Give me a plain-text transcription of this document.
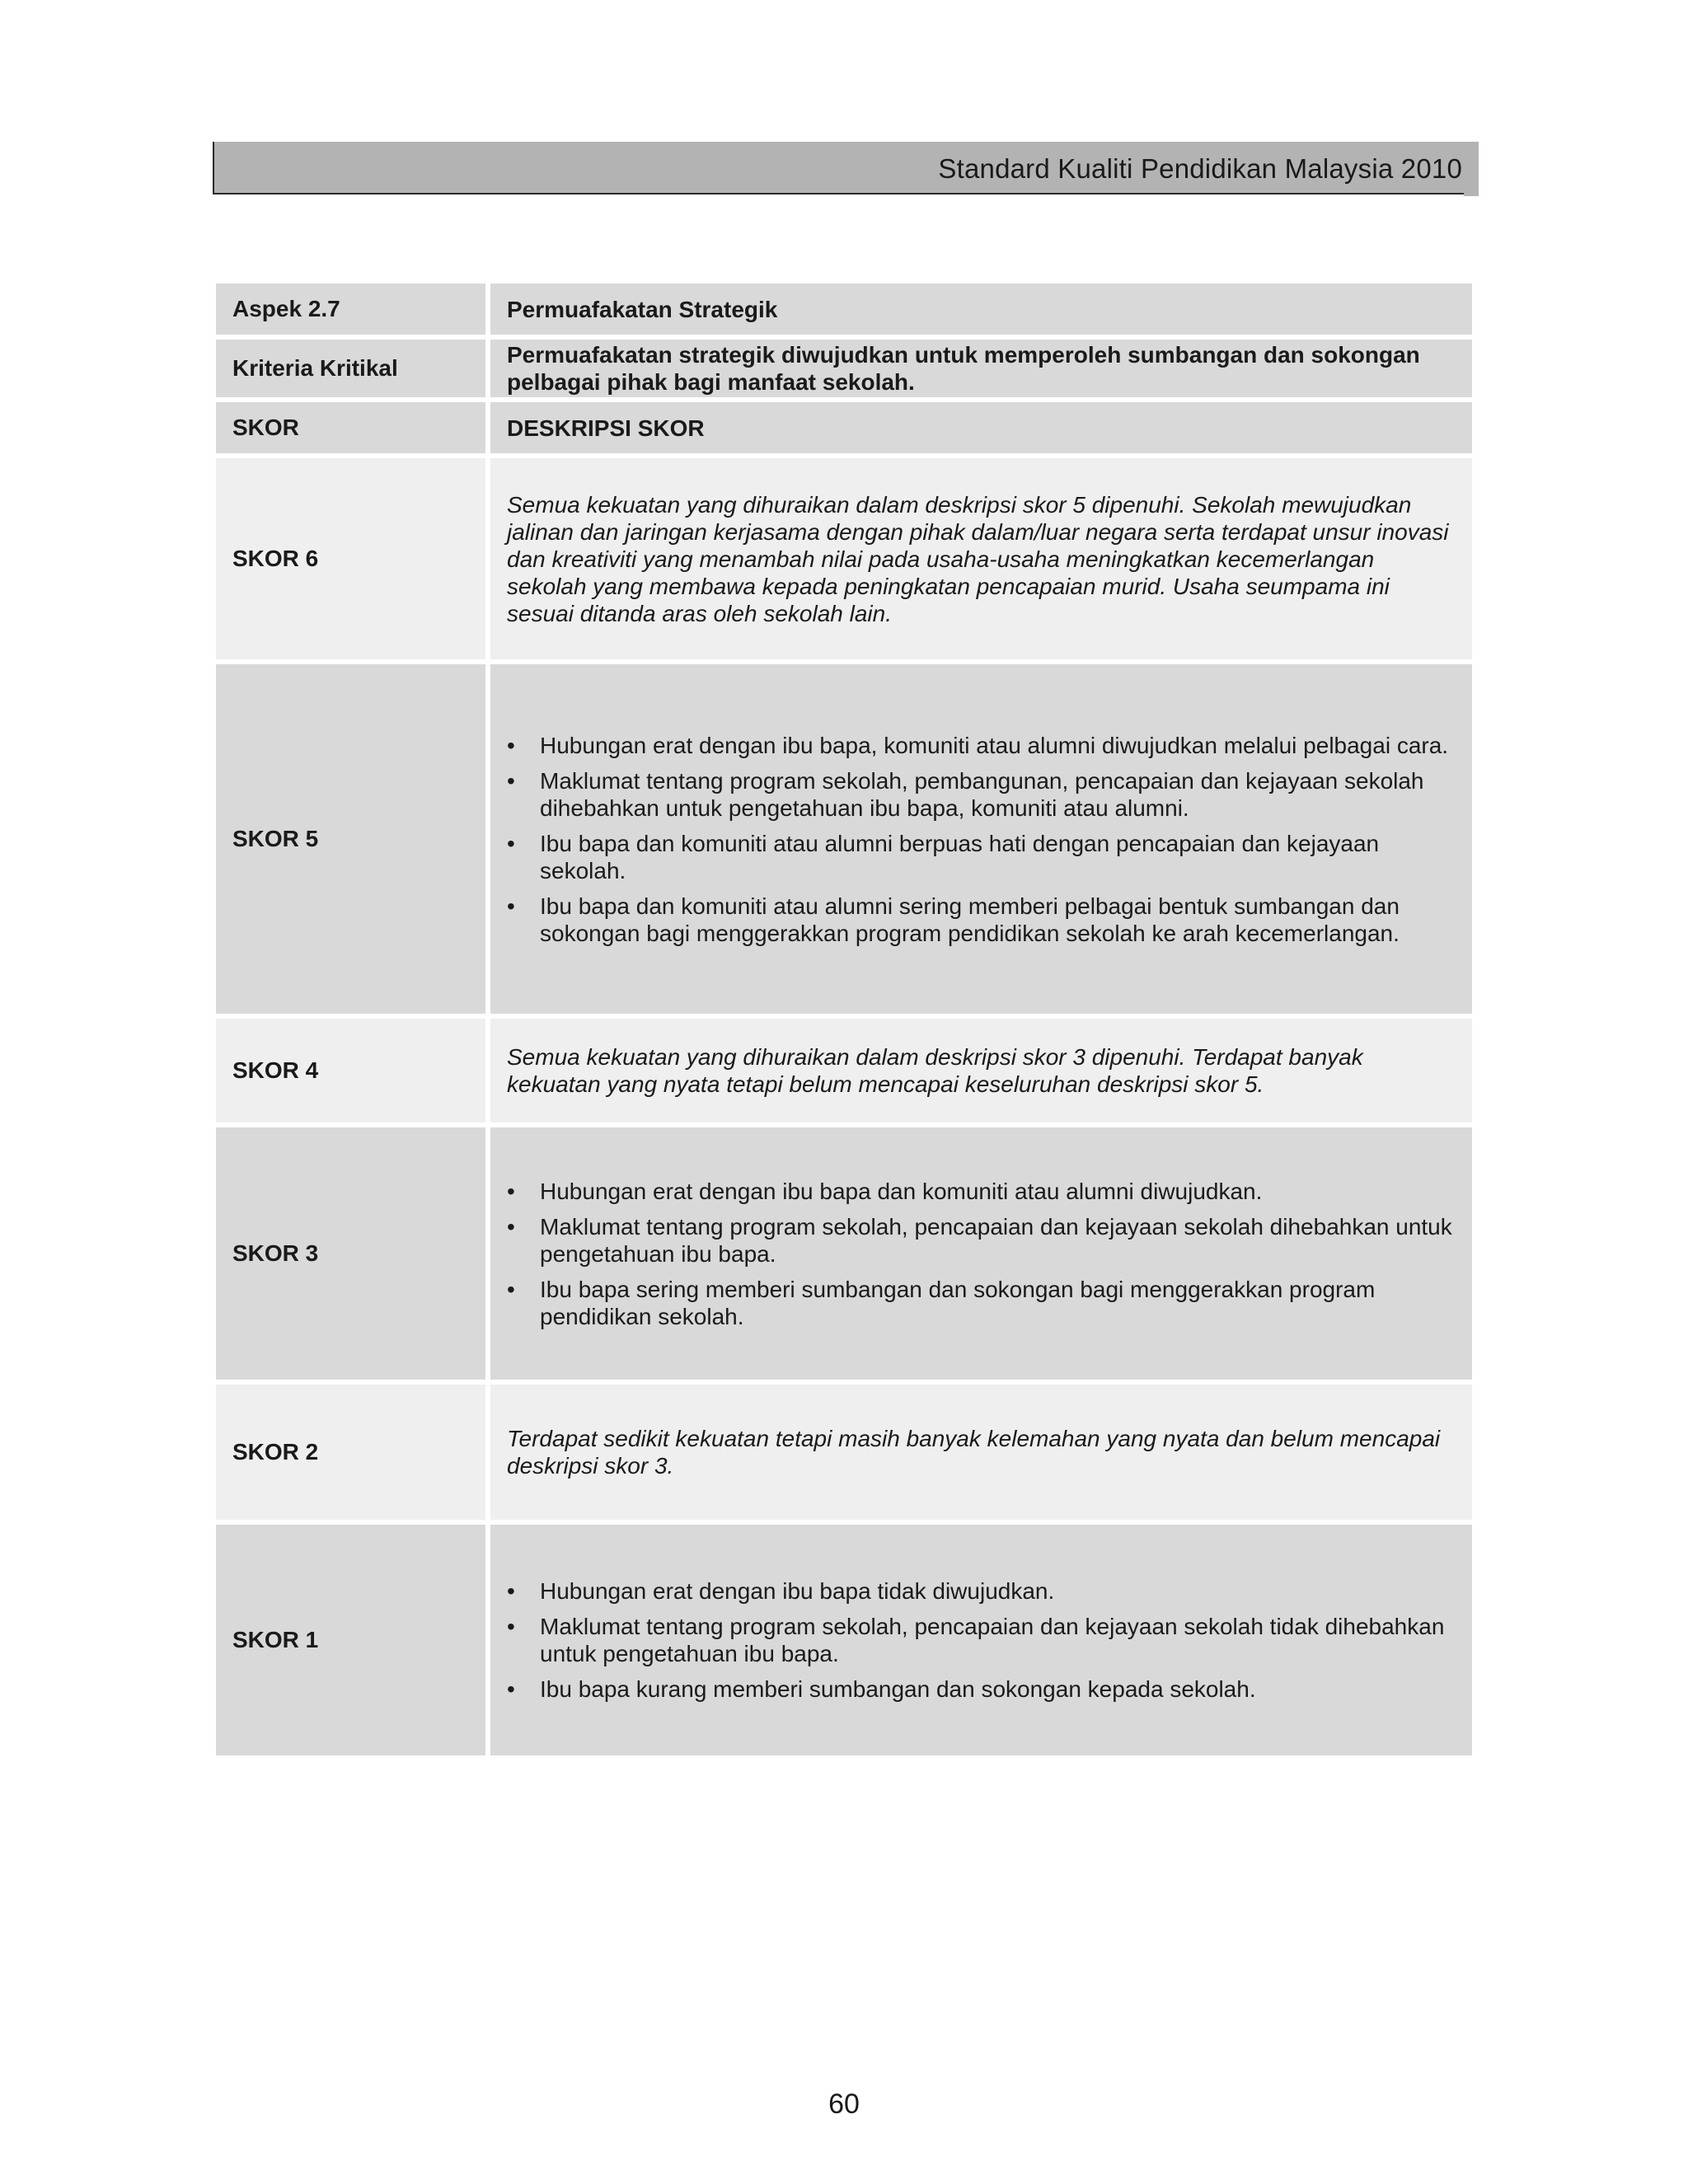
Standard Kualiti Pendidikan Malaysia 2010
Aspek 2.7	Permuafakatan Strategik
Kriteria Kritikal
Permuafakatan strategik diwujudkan untuk memperoleh sumbangan dan sokongan pelbagai pihak bagi manfaat sekolah.
SKOR	DESKRIPSI SKOR
SKOR 6
Semua kekuatan yang dihuraikan dalam deskripsi skor 5 dipenuhi. Sekolah mewujudkan jalinan dan jaringan kerjasama dengan pihak dalam/luar negara serta terdapat unsur inovasi dan kreativiti yang menambah nilai pada usaha-usaha meningkatkan kecemerlangan sekolah yang membawa kepada peningkatan pencapaian murid. Usaha seumpama ini sesuai ditanda aras oleh sekolah lain.
SKOR 5
• Hubungan erat dengan ibu bapa, komuniti atau alumni diwujudkan melalui pelbagai cara.
• Maklumat tentang program sekolah, pembangunan, pencapaian dan kejayaan sekolah dihebahkan untuk pengetahuan ibu bapa, komuniti atau alumni.
• Ibu bapa dan komuniti atau alumni berpuas hati dengan pencapaian dan kejayaan sekolah.
• Ibu bapa dan komuniti atau alumni sering memberi pelbagai bentuk sumbangan dan sokongan bagi menggerakkan program pendidikan sekolah ke arah kecemerlangan.
SKOR 4
Semua kekuatan yang dihuraikan dalam deskripsi skor 3 dipenuhi. Terdapat banyak kekuatan yang nyata tetapi belum mencapai keseluruhan deskripsi skor 5.
SKOR 3
• Hubungan erat dengan ibu bapa dan komuniti atau alumni diwujudkan.
• Maklumat tentang program sekolah, pencapaian dan kejayaan sekolah dihebahkan untuk pengetahuan ibu bapa.
• Ibu bapa sering memberi sumbangan dan sokongan bagi menggerakkan program pendidikan sekolah.
SKOR 2
Terdapat sedikit kekuatan tetapi masih banyak kelemahan yang nyata dan belum mencapai deskripsi skor 3.
SKOR 1
• Hubungan erat dengan ibu bapa tidak diwujudkan.
• Maklumat tentang program sekolah, pencapaian dan kejayaan sekolah tidak dihebahkan untuk pengetahuan ibu bapa.
• Ibu bapa kurang memberi sumbangan dan sokongan kepada sekolah.
60
